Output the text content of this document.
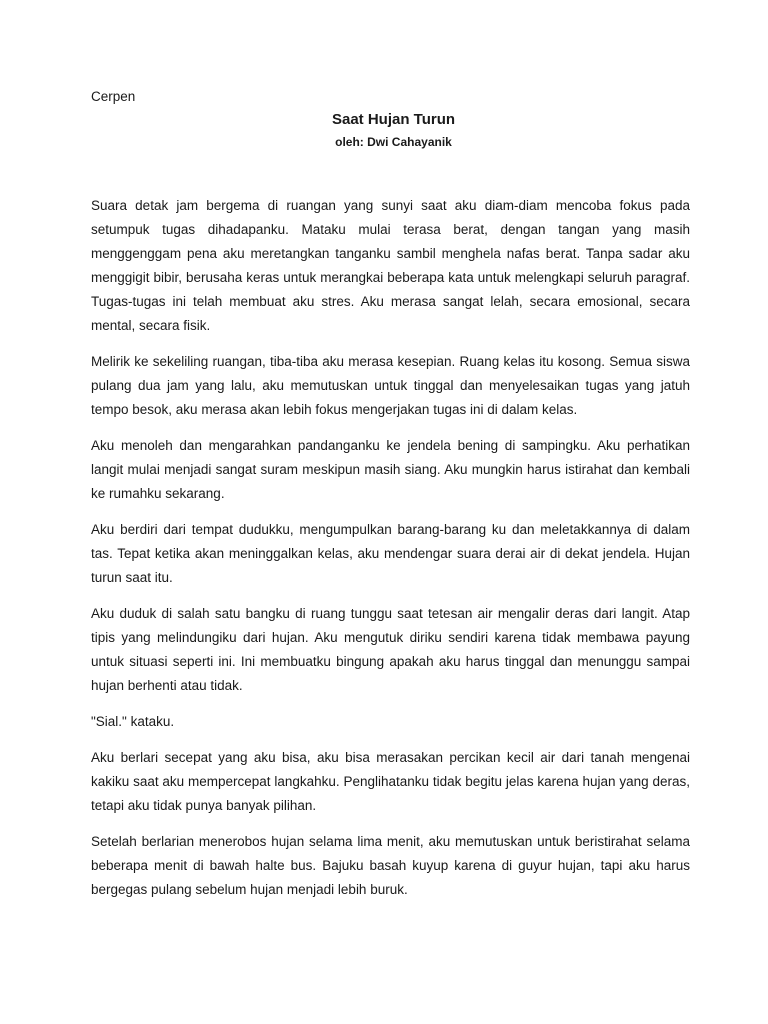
Cerpen
Saat Hujan Turun
oleh: Dwi Cahayanik

Suara detak jam bergema di ruangan yang sunyi saat aku diam-diam mencoba fokus pada setumpuk tugas dihadapanku. Mataku mulai terasa berat, dengan tangan yang masih menggenggam pena aku meretangkan tanganku sambil menghela nafas berat. Tanpa sadar aku menggigit bibir, berusaha keras untuk merangkai beberapa kata untuk melengkapi seluruh paragraf. Tugas-tugas ini telah membuat aku stres. Aku merasa sangat lelah, secara emosional, secara mental, secara fisik.

Melirik ke sekeliling ruangan, tiba-tiba aku merasa kesepian. Ruang kelas itu kosong. Semua siswa pulang dua jam yang lalu, aku memutuskan untuk tinggal dan menyelesaikan tugas yang jatuh tempo besok, aku merasa akan lebih fokus mengerjakan tugas ini di dalam kelas.

Aku menoleh dan mengarahkan pandanganku ke jendela bening di sampingku. Aku perhatikan langit mulai menjadi sangat suram meskipun masih siang. Aku mungkin harus istirahat dan kembali ke rumahku sekarang.

Aku berdiri dari tempat dudukku, mengumpulkan barang-barang ku dan meletakkannya di dalam tas. Tepat ketika akan meninggalkan kelas, aku mendengar suara derai air di dekat jendela. Hujan turun saat itu.

Aku duduk di salah satu bangku di ruang tunggu saat tetesan air mengalir deras dari langit. Atap tipis yang melindungiku dari hujan. Aku mengutuk diriku sendiri karena tidak membawa payung untuk situasi seperti ini. Ini membuatku bingung apakah aku harus tinggal dan menunggu sampai hujan berhenti atau tidak.

"Sial." kataku.

Aku berlari secepat yang aku bisa, aku bisa merasakan percikan kecil air dari tanah mengenai kakiku saat aku mempercepat langkahku. Penglihatanku tidak begitu jelas karena hujan yang deras, tetapi aku tidak punya banyak pilihan.

Setelah berlarian menerobos hujan selama lima menit, aku memutuskan untuk beristirahat selama beberapa menit di bawah halte bus. Bajuku basah kuyup karena di guyur hujan, tapi aku harus bergegas pulang sebelum hujan menjadi lebih buruk.
